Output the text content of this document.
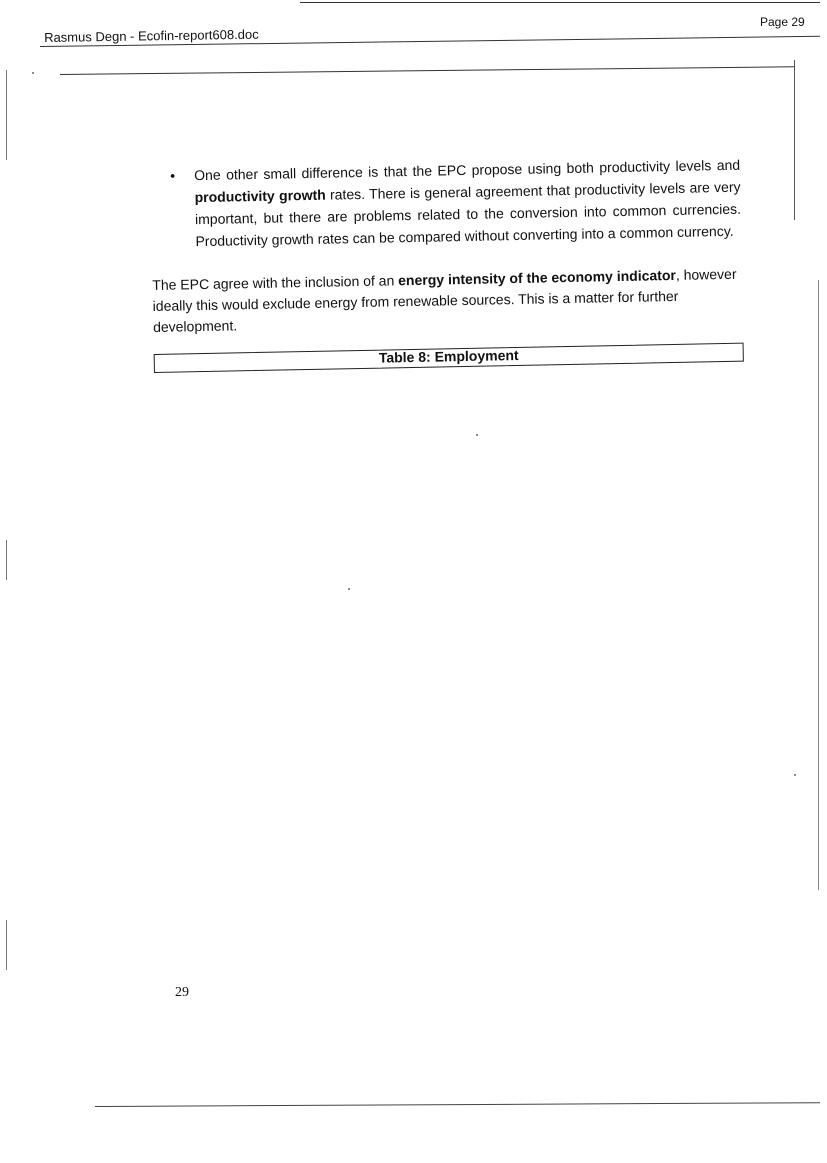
Rasmus Degn - Ecofin-report608.doc
Page 29
• One other small difference is that the EPC propose using both productivity levels and productivity growth rates. There is general agreement that productivity levels are very important, but there are problems related to the conversion into common currencies. Productivity growth rates can be compared without converting into a common currency.
The EPC agree with the inclusion of an energy intensity of the economy indicator, however ideally this would exclude energy from renewable sources. This is a matter for further development.
Table 8: Employment
29
